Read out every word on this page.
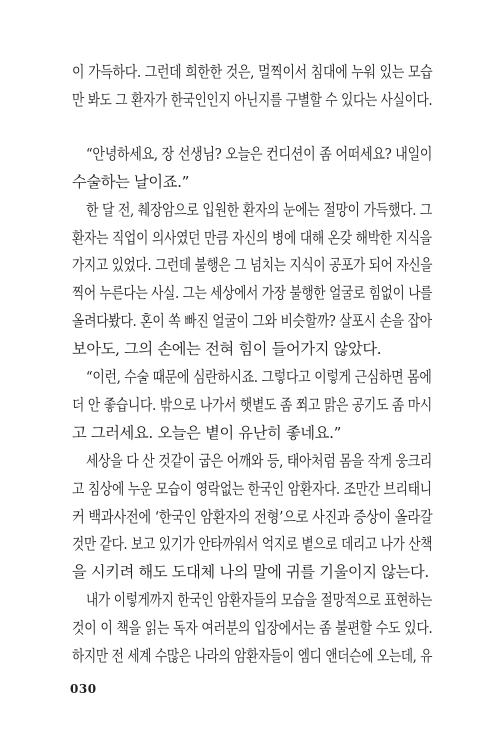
이 가득하다. 그런데 희한한 것은, 멀찍이서 침대에 누워 있는 모습
만 봐도 그 환자가 한국인인지 아닌지를 구별할 수 있다는 사실이다.
“안녕하세요, 장 선생님? 오늘은 컨디션이 좀 어떠세요? 내일이
수술하는 날이죠.”
한 달 전, 췌장암으로 입원한 환자의 눈에는 절망이 가득했다. 그
환자는 직업이 의사였던 만큼 자신의 병에 대해 온갖 해박한 지식을
가지고 있었다. 그런데 불행은 그 넘치는 지식이 공포가 되어 자신을
찍어 누른다는 사실. 그는 세상에서 가장 불행한 얼굴로 힘없이 나를
올려다봤다. 혼이 쏙 빠진 얼굴이 그와 비슷할까? 살포시 손을 잡아
보아도, 그의 손에는 전혀 힘이 들어가지 않았다.
“이런, 수술 때문에 심란하시죠. 그렇다고 이렇게 근심하면 몸에
더 안 좋습니다. 밖으로 나가서 햇볕도 좀 쬐고 맑은 공기도 좀 마시
고 그러세요. 오늘은 볕이 유난히 좋네요.”
세상을 다 산 것같이 굽은 어깨와 등, 태아처럼 몸을 작게 웅크리
고 침상에 누운 모습이 영락없는 한국인 암환자다. 조만간 브리태니
커 백과사전에 ‘한국인 암환자의 전형’으로 사진과 증상이 올라갈
것만 같다. 보고 있기가 안타까워서 억지로 볕으로 데리고 나가 산책
을 시키려 해도 도대체 나의 말에 귀를 기울이지 않는다.
내가 이렇게까지 한국인 암환자들의 모습을 절망적으로 표현하는
것이 이 책을 읽는 독자 여러분의 입장에서는 좀 불편할 수도 있다.
하지만 전 세계 수많은 나라의 암환자들이 엠디 앤더슨에 오는데, 유
030
